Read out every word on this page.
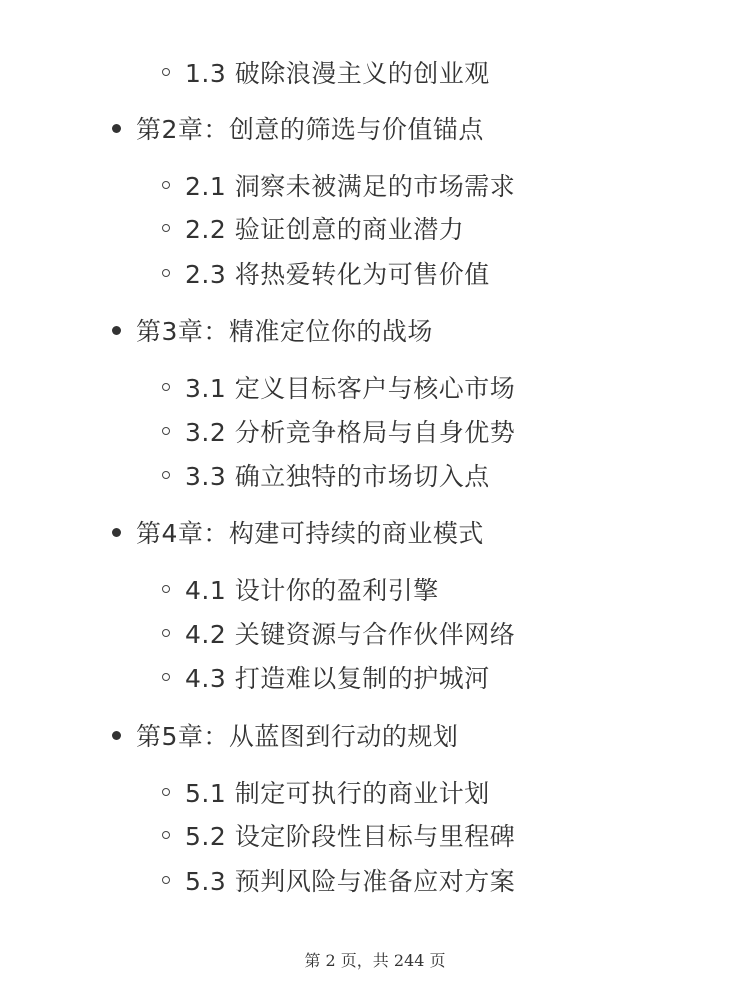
1.3 破除浪漫主义的创业观
第2章：创意的筛选与价值锚点
2.1 洞察未被满足的市场需求
2.2 验证创意的商业潜力
2.3 将热爱转化为可售价值
第3章：精准定位你的战场
3.1 定义目标客户与核心市场
3.2 分析竞争格局与自身优势
3.3 确立独特的市场切入点
第4章：构建可持续的商业模式
4.1 设计你的盈利引擎
4.2 关键资源与合作伙伴网络
4.3 打造难以复制的护城河
第5章：从蓝图到行动的规划
5.1 制定可执行的商业计划
5.2 设定阶段性目标与里程碑
5.3 预判风险与准备应对方案
第 2 页，共 244 页
